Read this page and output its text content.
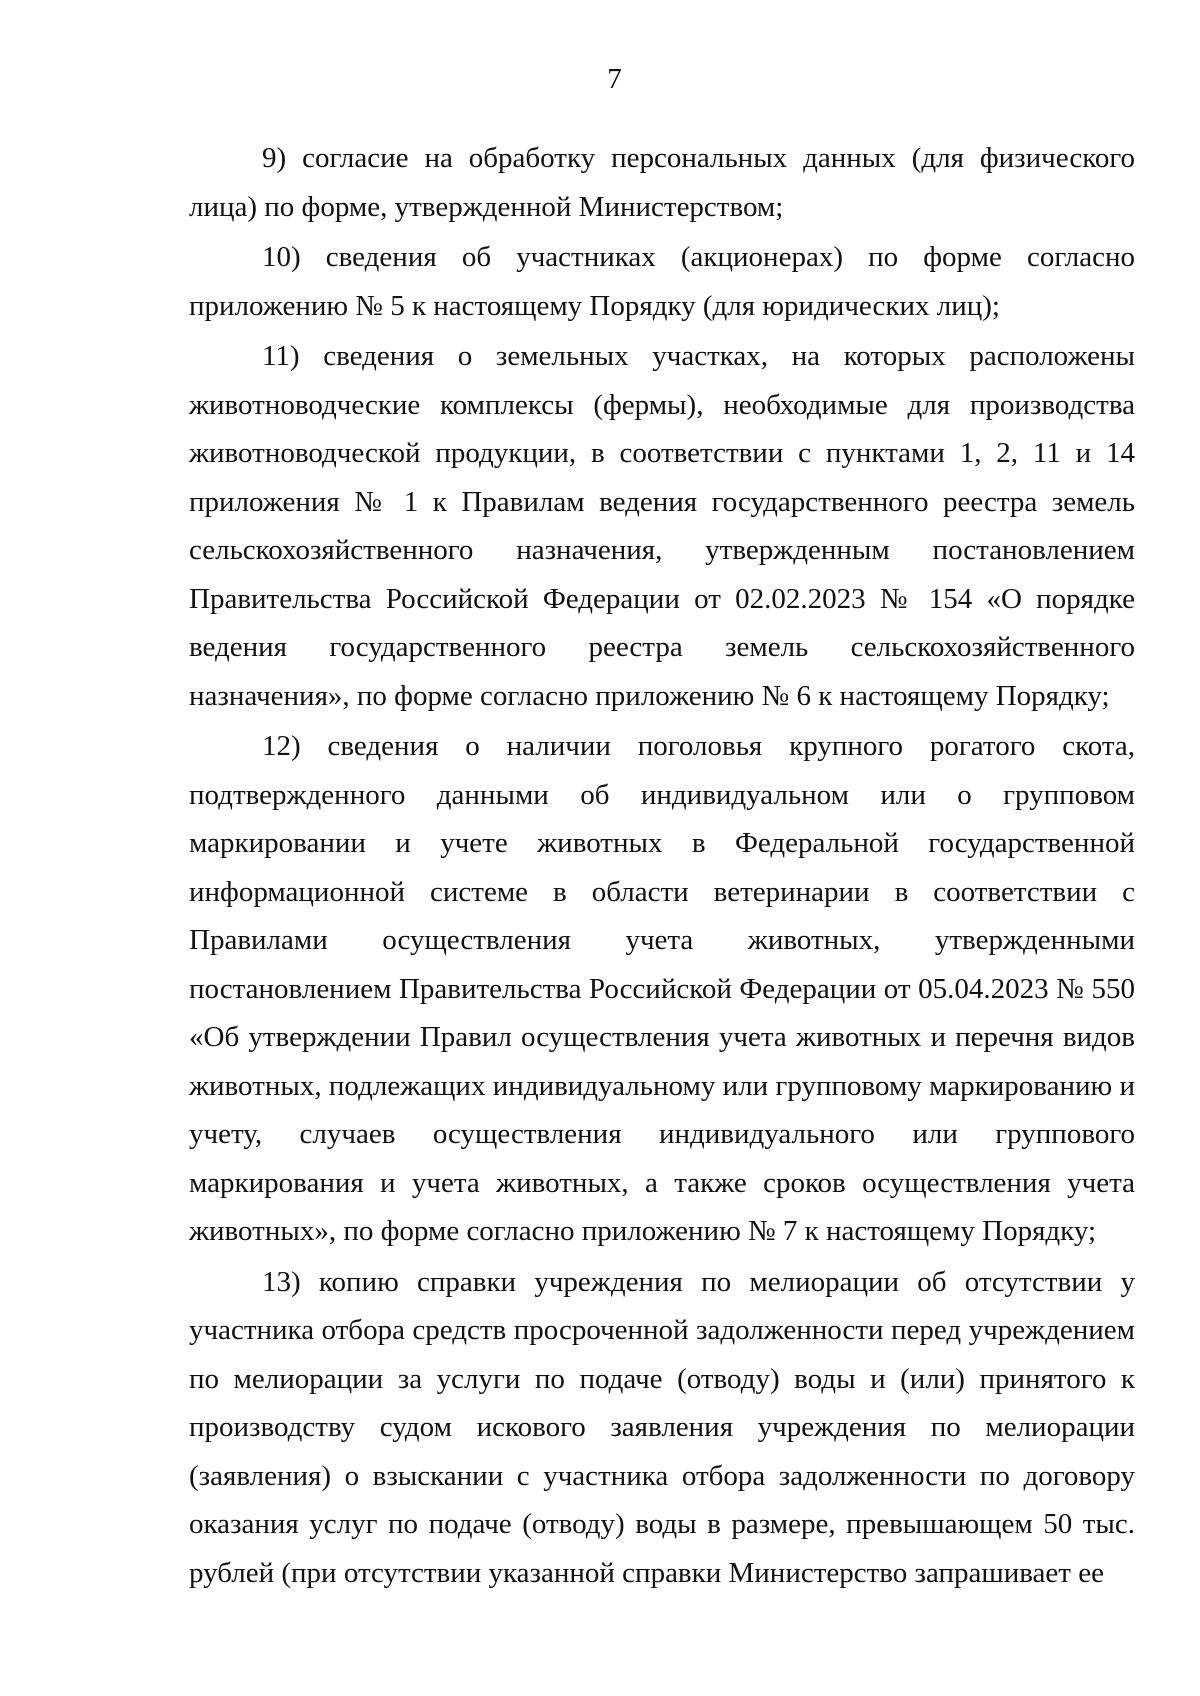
7

9) согласие на обработку персональных данных (для физического лица) по форме, утвержденной Министерством;

10) сведения об участниках (акционерах) по форме согласно приложению № 5 к настоящему Порядку (для юридических лиц);

11) сведения о земельных участках, на которых расположены животноводческие комплексы (фермы), необходимые для производства животноводческой продукции, в соответствии с пунктами 1, 2, 11 и 14 приложения № 1 к Правилам ведения государственного реестра земель сельскохозяйственного назначения, утвержденным постановлением Правительства Российской Федерации от 02.02.2023 № 154 «О порядке ведения государственного реестра земель сельскохозяйственного назначения», по форме согласно приложению № 6 к настоящему Порядку;

12) сведения о наличии поголовья крупного рогатого скота, подтвержденного данными об индивидуальном или о групповом маркировании и учете животных в Федеральной государственной информационной системе в области ветеринарии в соответствии с Правилами осуществления учета животных, утвержденными постановлением Правительства Российской Федерации от 05.04.2023 № 550 «Об утверждении Правил осуществления учета животных и перечня видов животных, подлежащих индивидуальному или групповому маркированию и учету, случаев осуществления индивидуального или группового маркирования и учета животных, а также сроков осуществления учета животных», по форме согласно приложению № 7 к настоящему Порядку;

13) копию справки учреждения по мелиорации об отсутствии у участника отбора средств просроченной задолженности перед учреждением по мелиорации за услуги по подаче (отводу) воды и (или) принятого к производству судом искового заявления учреждения по мелиорации (заявления) о взыскании с участника отбора задолженности по договору оказания услуг по подаче (отводу) воды в размере, превышающем 50 тыс. рублей (при отсутствии указанной справки Министерство запрашивает ее
